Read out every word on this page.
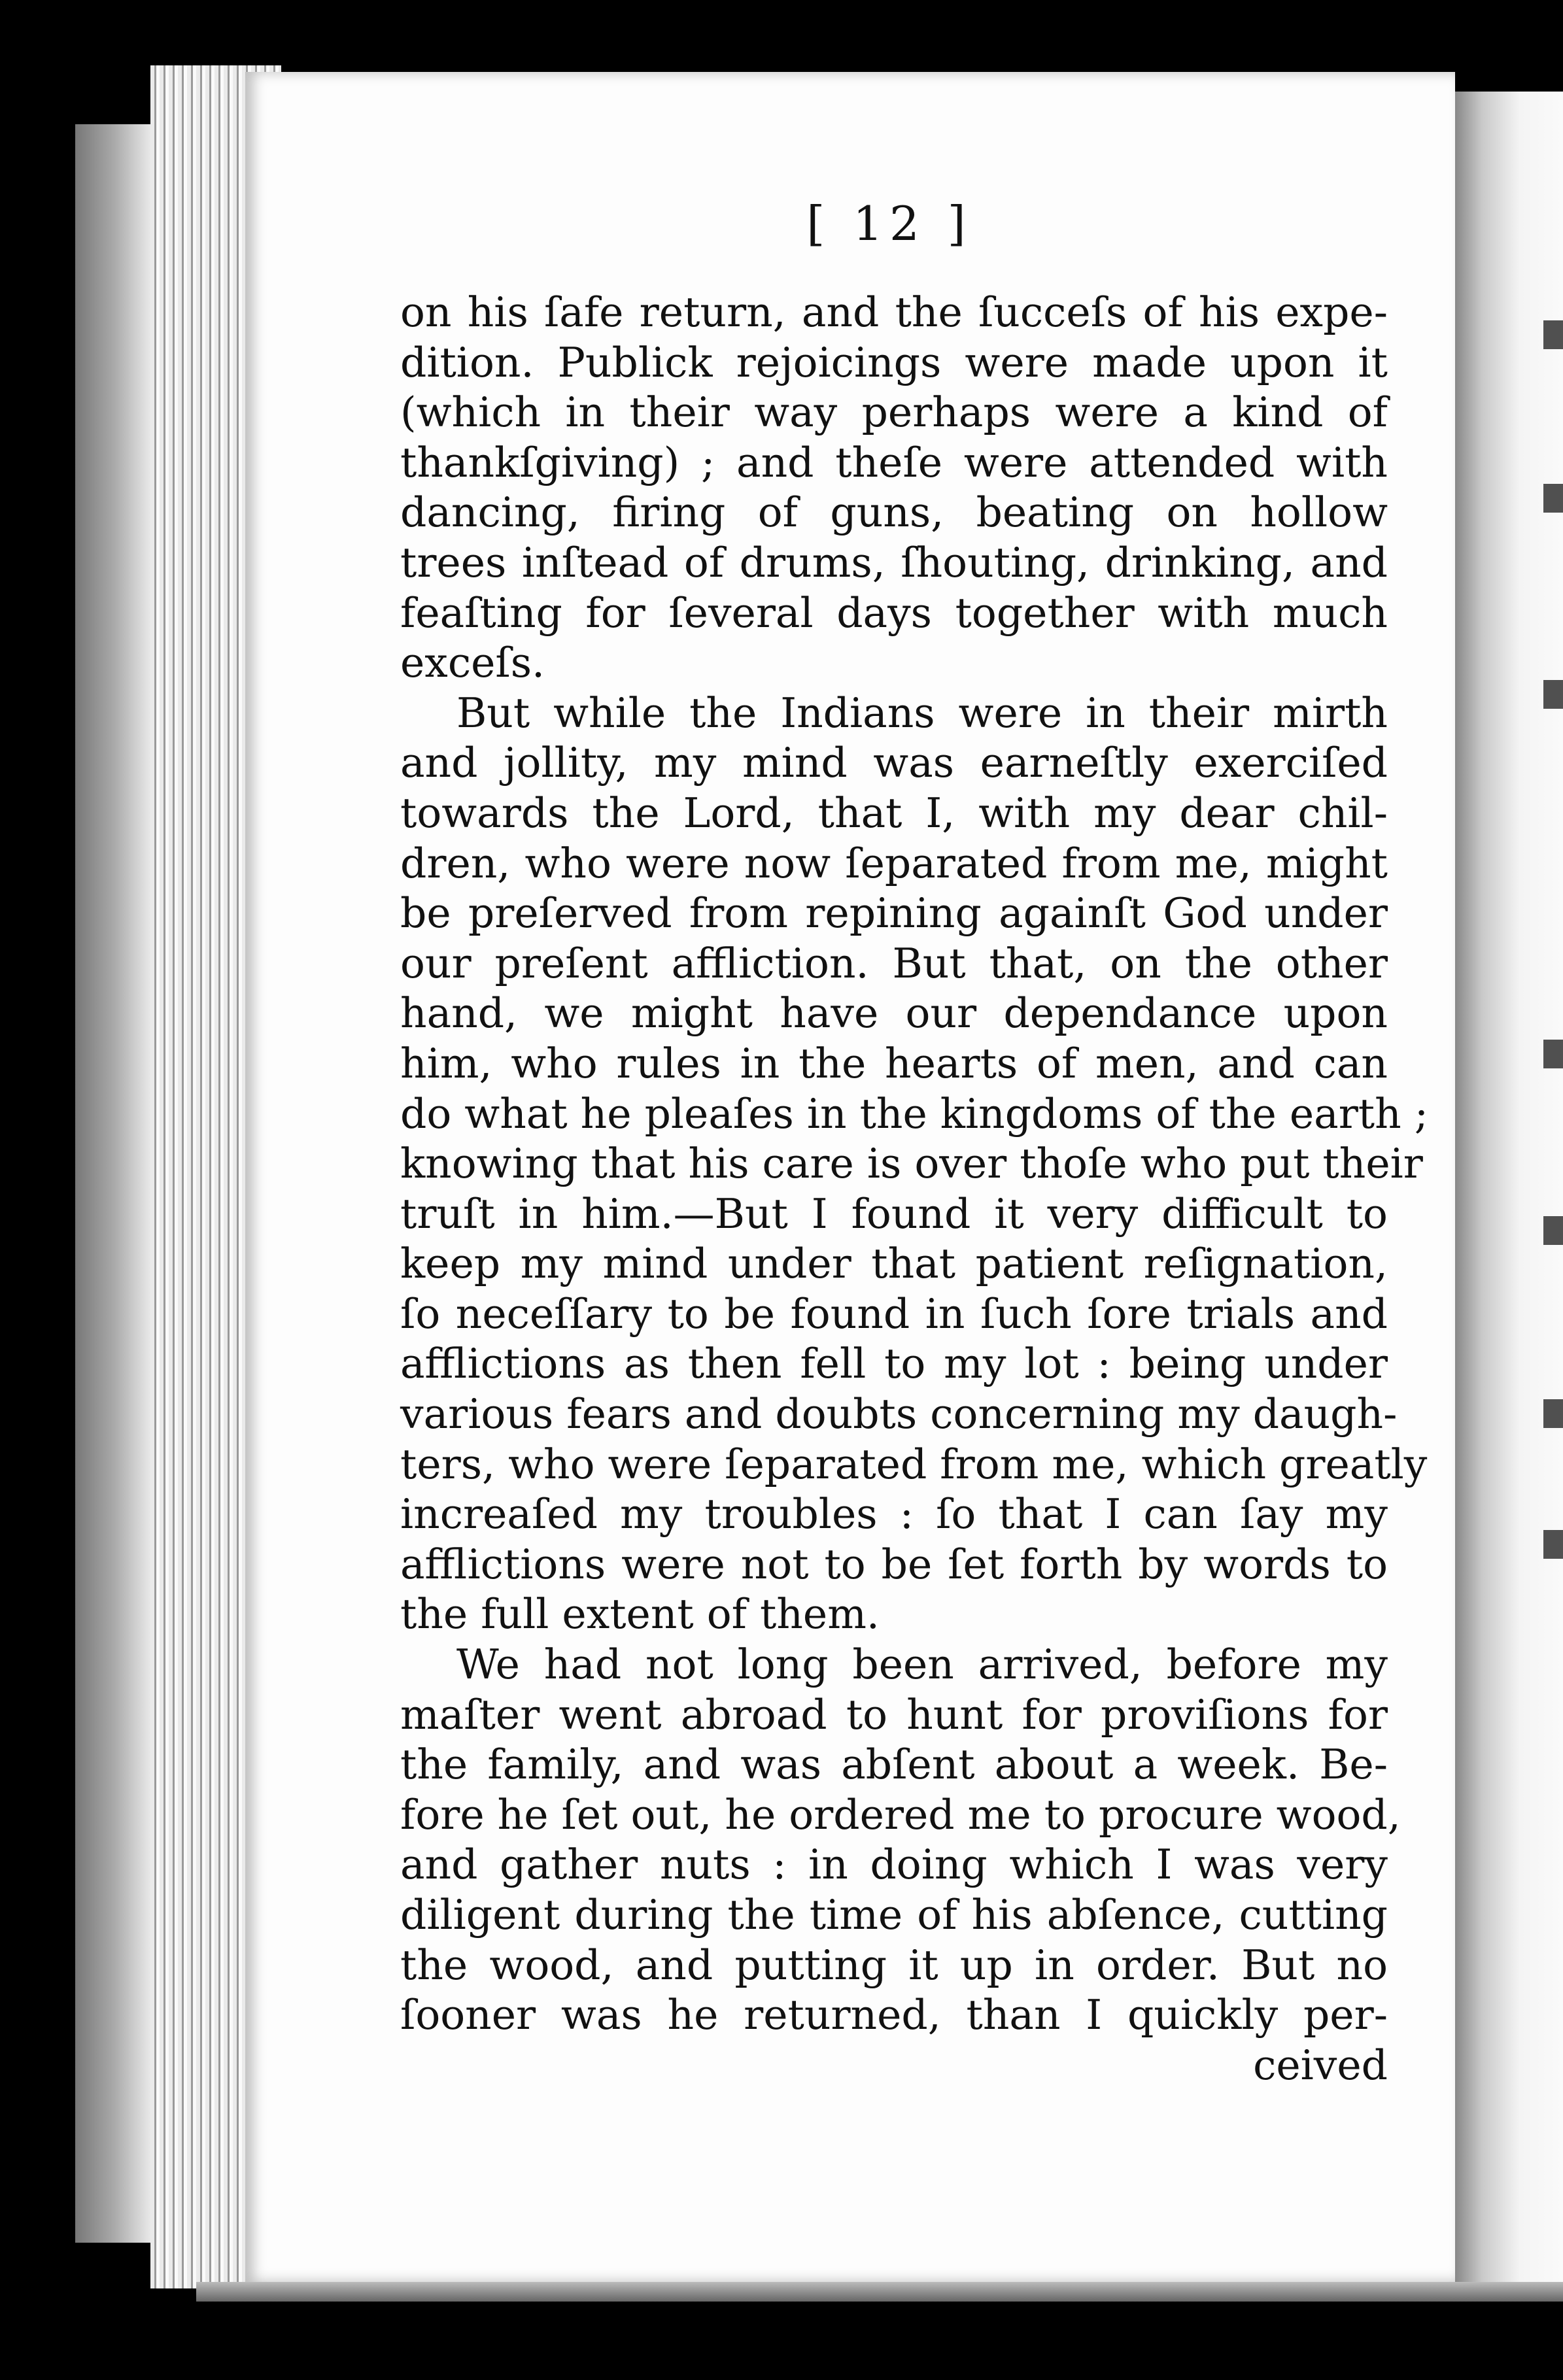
[ 12 ]
on his ſafe return, and the ſucceſs of his expe-
dition. Publick rejoicings were made upon it
(which in their way perhaps were a kind of
thankſgiving) ; and theſe were attended with
dancing, firing of guns, beating on hollow
trees inſtead of drums, ſhouting, drinking, and
feaſting for ſeveral days together with much
exceſs.
But while the Indians were in their mirth
and jollity, my mind was earneſtly exerciſed
towards the Lord, that I, with my dear chil-
dren, who were now ſeparated from me, might
be preſerved from repining againſt God under
our preſent affliction. But that, on the other
hand, we might have our dependance upon
him, who rules in the hearts of men, and can
do what he pleaſes in the kingdoms of the earth ;
knowing that his care is over thoſe who put their
truſt in him.—But I found it very difficult to
keep my mind under that patient reſignation,
ſo neceſſary to be found in ſuch ſore trials and
afflictions as then fell to my lot : being under
various fears and doubts concerning my daugh-
ters, who were ſeparated from me, which greatly
increaſed my troubles : ſo that I can ſay my
afflictions were not to be ſet forth by words to
the full extent of them.
We had not long been arrived, before my
maſter went abroad to hunt for proviſions for
the family, and was abſent about a week. Be-
fore he ſet out, he ordered me to procure wood,
and gather nuts : in doing which I was very
diligent during the time of his abſence, cutting
the wood, and putting it up in order. But no
ſooner was he returned, than I quickly per-
ceived
